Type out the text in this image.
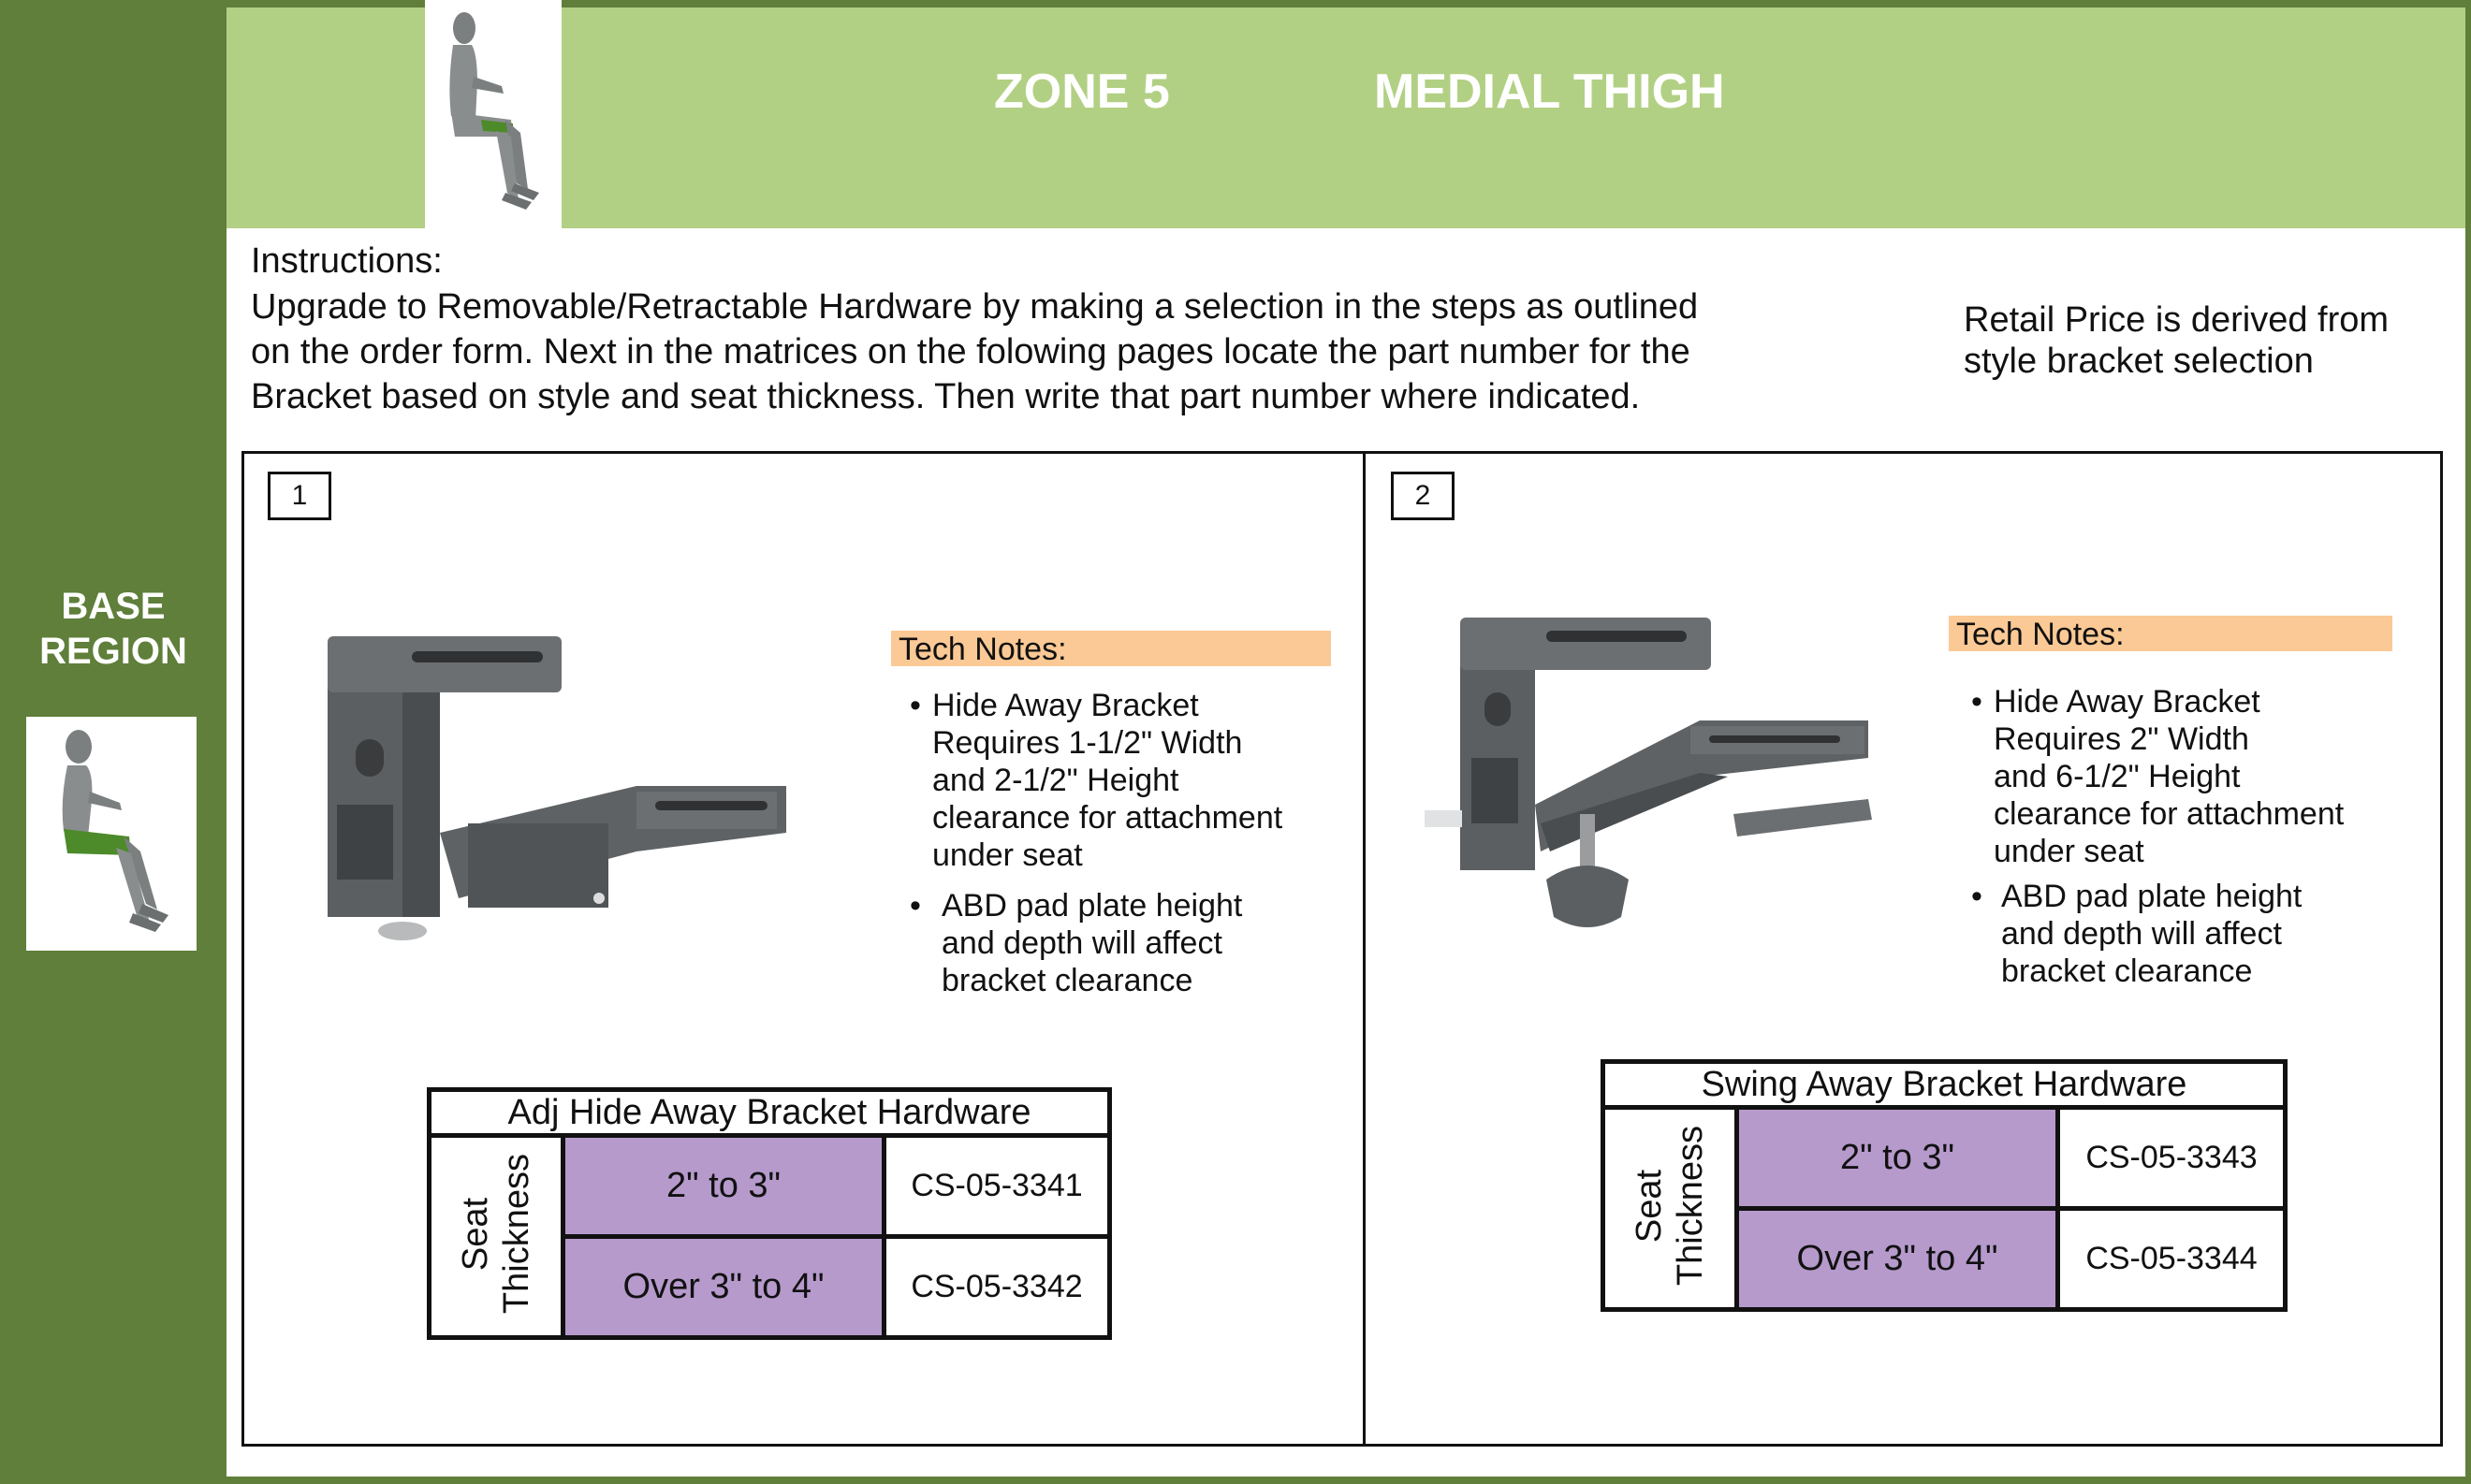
BASE
REGION
ZONE 5	MEDIAL THIGH
Instructions:
Upgrade to Removable/Retractable Hardware by making a selection in the steps as outlined
on the order form. Next in the matrices on the folowing pages locate the part number for the
Bracket based on style and seat thickness. Then write that part number where indicated.
Retail Price is derived from
style bracket selection
1
Tech Notes:
• Hide Away Bracket
Requires 1-1/2" Width
and 2-1/2" Height
clearance for attachment
under seat
• ABD pad plate height
and depth will affect
bracket clearance
Adj Hide Away Bracket Hardware		
Seat
Thickness	2" to 3"	CS-05-3341
	Over 3" to 4"	CS-05-3342
2
Tech Notes:
• Hide Away Bracket
Requires 2" Width
and 6-1/2" Height
clearance for attachment
under seat
• ABD pad plate height
and depth will affect
bracket clearance
Swing Away Bracket Hardware		
Seat
Thickness	2" to 3"	CS-05-3343
	Over 3" to 4"	CS-05-3344
